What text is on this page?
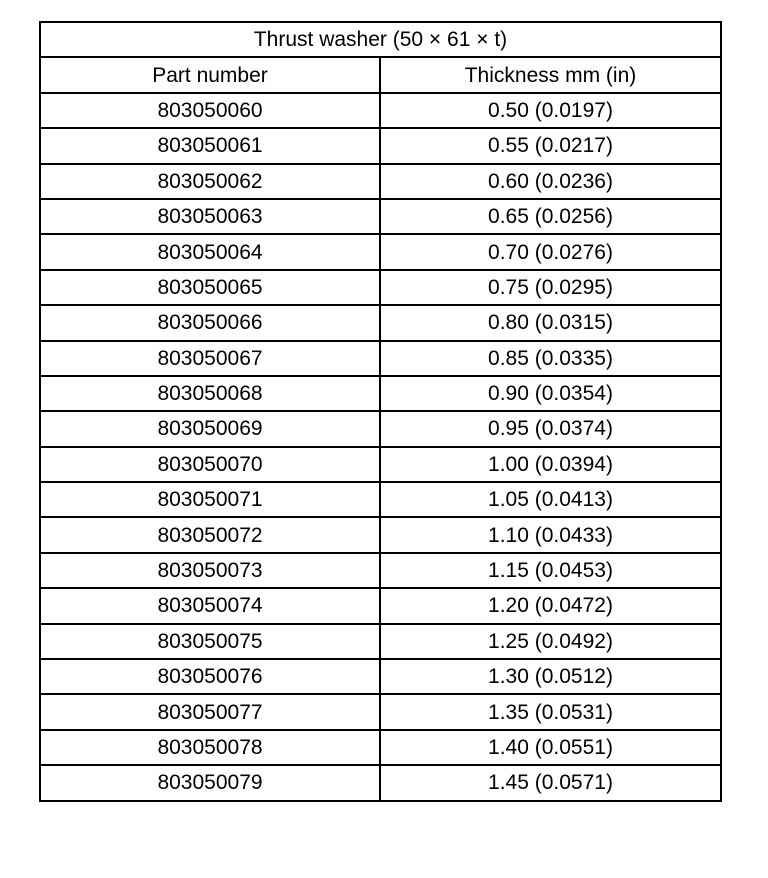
Thrust washer (50 × 61 × t)	
Part number	Thickness mm (in)
803050060	0.50 (0.0197)
803050061	0.55 (0.0217)
803050062	0.60 (0.0236)
803050063	0.65 (0.0256)
803050064	0.70 (0.0276)
803050065	0.75 (0.0295)
803050066	0.80 (0.0315)
803050067	0.85 (0.0335)
803050068	0.90 (0.0354)
803050069	0.95 (0.0374)
803050070	1.00 (0.0394)
803050071	1.05 (0.0413)
803050072	1.10 (0.0433)
803050073	1.15 (0.0453)
803050074	1.20 (0.0472)
803050075	1.25 (0.0492)
803050076	1.30 (0.0512)
803050077	1.35 (0.0531)
803050078	1.40 (0.0551)
803050079	1.45 (0.0571)
